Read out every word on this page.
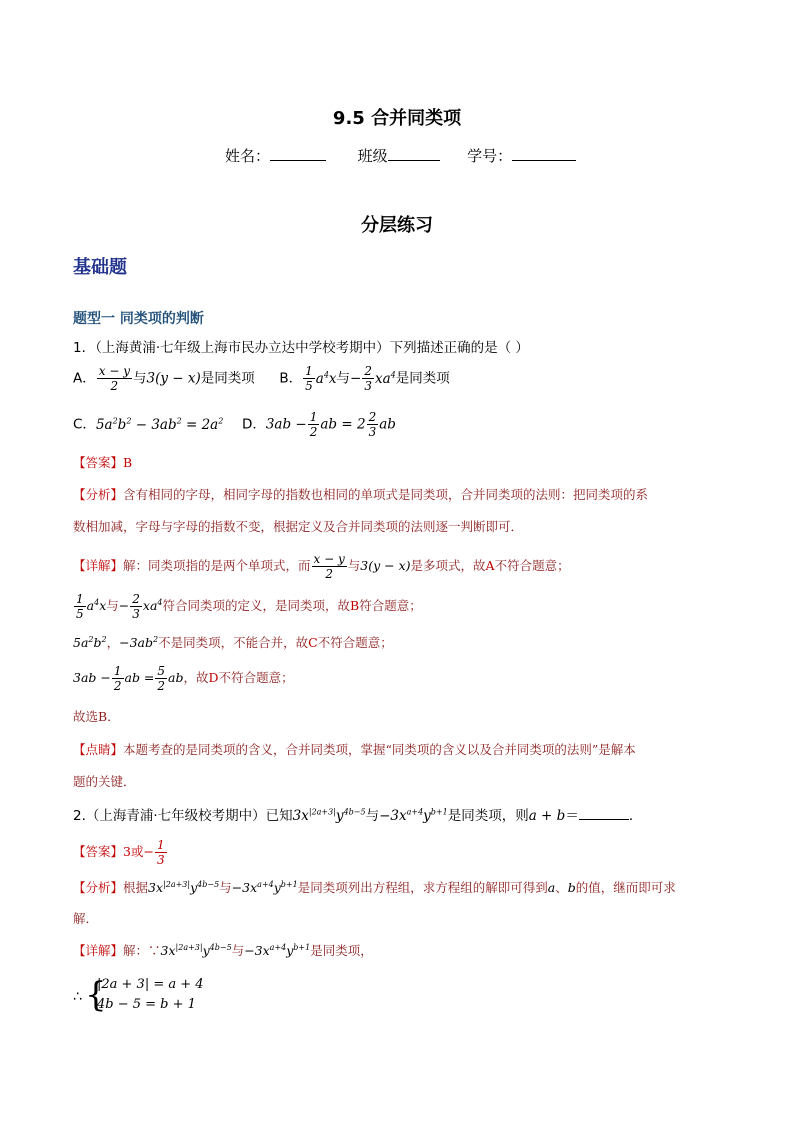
9.5 合并同类项
姓名：	班级	学号：
分层练习
基础题
题型一 同类项的判断
1．（上海黄浦·七年级上海市民办立达中学校考期中）下列描述正确的是（ ）
A． $\frac{x - y}{2}$ 与3(y − x)是同类项 B． $\frac{1}{5} a^4x$与− $\frac{2}{3} xa^4$是同类项
C．$5a^2b^2 - 3ab^2 = 2a^2$ D．$3ab - \frac{1}{2}$ ab = $2 \frac{2}{3}$ ab
【答案】B
【分析】含有相同的字母，相同字母的指数也相同的单项式是同类项，合并同类项的法则：把同类项的系
数相加减，字母与字母的指数不变，根据定义及合并同类项的法则逐一判断即可．
【详解】解：同类项指的是两个单项式，而 $\frac{x - y}{2}$ 与3(y − x)是多项式，故A不符合题意；
$\frac{1}{5} a^4x$与− $\frac{2}{3} xa^4$符合同类项的定义，是同类项，故B符合题意；
$5a^2b^2$，$-3ab^2$不是同类项，不能合并，故C不符合题意；
$3ab - \frac{1}{2}$ ab = $\frac{5}{2}$ ab，故D不符合题意；
故选B．
【点睛】本题考查的是同类项的含义，合并同类项，掌握“同类项的含义以及合并同类项的法则”是解本
题的关键．
2.（上海青浦·七年级校考期中）已知$3x^{|2a+3|}y^{4b-5}$与$-3x^{a+4}y^{b+1}$是同类项，则a + b＝	．
【答案】3或− $\frac{1}{3}$
【分析】根据$3x^{|2a+3|}y^{4b-5}$与$-3x^{a+4}y^{b+1}$是同类项列出方程组，求方程组的解即可得到a、b的值，继而即可求
解．
【详解】解：$\because 3x^{|2a+3|}y^{4b-5}$与$-3x^{a+4}y^{b+1}$是同类项，
∴ {
|2a + 3| = a + 4
4b − 5 = b + 1
